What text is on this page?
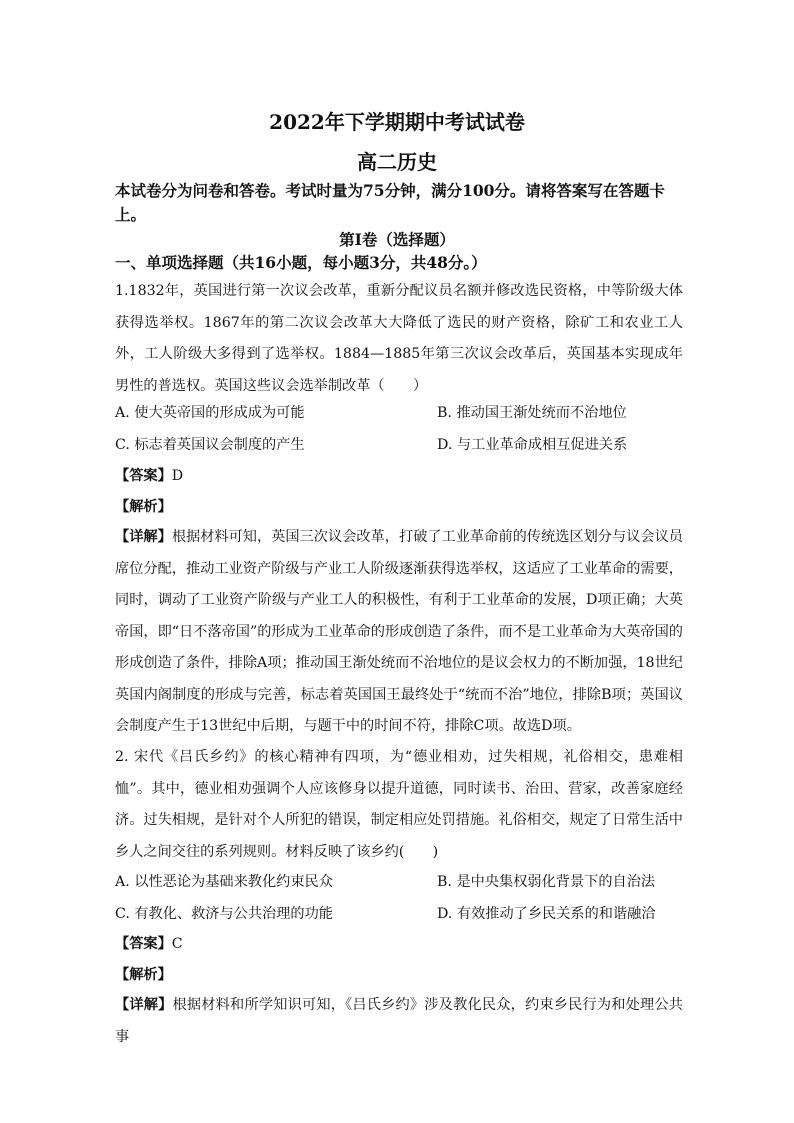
2022年下学期期中考试试卷
高二历史
本试卷分为问卷和答卷。考试时量为75分钟，满分100分。请将答案写在答题卡上。
第Ⅰ卷（选择题）
一、单项选择题（共16小题，每小题3分，共48分。）
1.1832年，英国进行第一次议会改革，重新分配议员名额并修改选民资格，中等阶级大体获得选举权。1867年的第二次议会改革大大降低了选民的财产资格，除矿工和农业工人外，工人阶级大多得到了选举权。1884—1885年第三次议会改革后，英国基本实现成年男性的普选权。英国这些议会选举制改革（　　）
A. 使大英帝国的形成成为可能	B. 推动国王渐处统而不治地位
C. 标志着英国议会制度的产生	D. 与工业革命成相互促进关系
【答案】D
【解析】
【详解】根据材料可知，英国三次议会改革，打破了工业革命前的传统选区划分与议会议员席位分配，推动工业资产阶级与产业工人阶级逐渐获得选举权，这适应了工业革命的需要，同时，调动了工业资产阶级与产业工人的积极性，有利于工业革命的发展，D项正确；大英帝国，即“日不落帝国”的形成为工业革命的形成创造了条件，而不是工业革命为大英帝国的形成创造了条件，排除A项；推动国王渐处统而不治地位的是议会权力的不断加强，18世纪英国内阁制度的形成与完善，标志着英国国王最终处于“统而不治”地位，排除B项；英国议会制度产生于13世纪中后期，与题干中的时间不符，排除C项。故选D项。
2. 宋代《吕氏乡约》的核心精神有四项，为“德业相劝，过失相规，礼俗相交，患难相恤”。其中，德业相劝强调个人应该修身以提升道德，同时读书、治田、营家，改善家庭经济。过失相规，是针对个人所犯的错误，制定相应处罚措施。礼俗相交，规定了日常生活中乡人之间交往的系列规则。材料反映了该乡约(　　)
A. 以性恶论为基础来教化约束民众	B. 是中央集权弱化背景下的自治法
C. 有教化、救济与公共治理的功能	D. 有效推动了乡民关系的和谐融洽
【答案】C
【解析】
【详解】根据材料和所学知识可知，《吕氏乡约》涉及教化民众，约束乡民行为和处理公共事
